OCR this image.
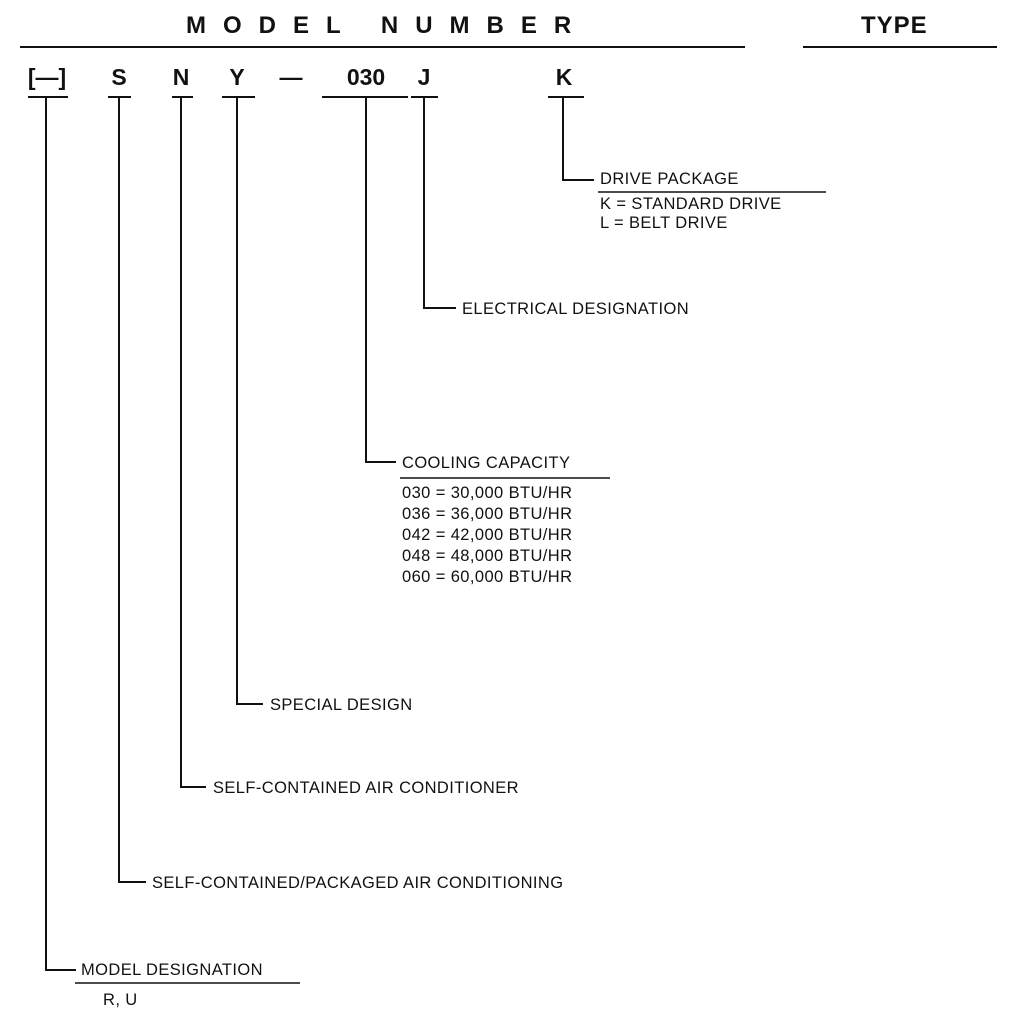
MODEL NUMBER	TYPE
[—] S N Y — 030 J	K
DRIVE PACKAGE
K = STANDARD DRIVE
L = BELT DRIVE
ELECTRICAL DESIGNATION
COOLING CAPACITY
030 = 30,000 BTU/HR
036 = 36,000 BTU/HR
042 = 42,000 BTU/HR
048 = 48,000 BTU/HR
060 = 60,000 BTU/HR
SPECIAL DESIGN
SELF-CONTAINED AIR CONDITIONER
SELF-CONTAINED/PACKAGED AIR CONDITIONING
MODEL DESIGNATION
R, U
